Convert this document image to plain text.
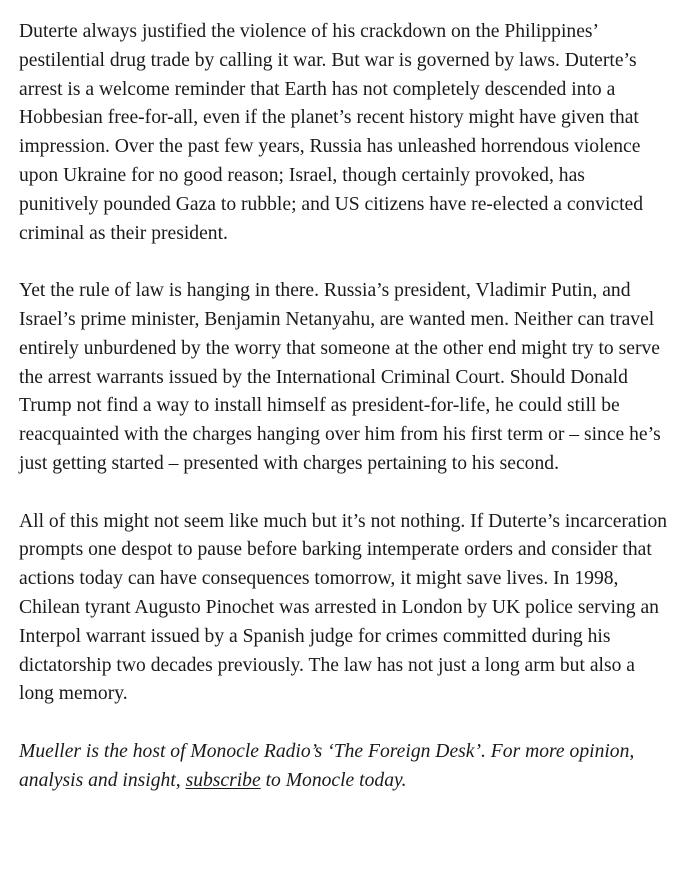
Duterte always justified the violence of his crackdown on the Philippines’ pestilential drug trade by calling it war. But war is governed by laws. Duterte’s arrest is a welcome reminder that Earth has not completely descended into a Hobbesian free-for-all, even if the planet’s recent history might have given that impression. Over the past few years, Russia has unleashed horrendous violence upon Ukraine for no good reason; Israel, though certainly provoked, has punitively pounded Gaza to rubble; and US citizens have re-elected a convicted criminal as their president.

Yet the rule of law is hanging in there. Russia’s president, Vladimir Putin, and Israel’s prime minister, Benjamin Netanyahu, are wanted men. Neither can travel entirely unburdened by the worry that someone at the other end might try to serve the arrest warrants issued by the International Criminal Court. Should Donald Trump not find a way to install himself as president-for-life, he could still be reacquainted with the charges hanging over him from his first term or – since he’s just getting started – presented with charges pertaining to his second.

All of this might not seem like much but it’s not nothing. If Duterte’s incarceration prompts one despot to pause before barking intemperate orders and consider that actions today can have consequences tomorrow, it might save lives. In 1998, Chilean tyrant Augusto Pinochet was arrested in London by UK police serving an Interpol warrant issued by a Spanish judge for crimes committed during his dictatorship two decades previously. The law has not just a long arm but also a long memory.

Mueller is the host of Monocle Radio’s ‘The Foreign Desk’. For more opinion, analysis and insight, subscribe to Monocle today.
